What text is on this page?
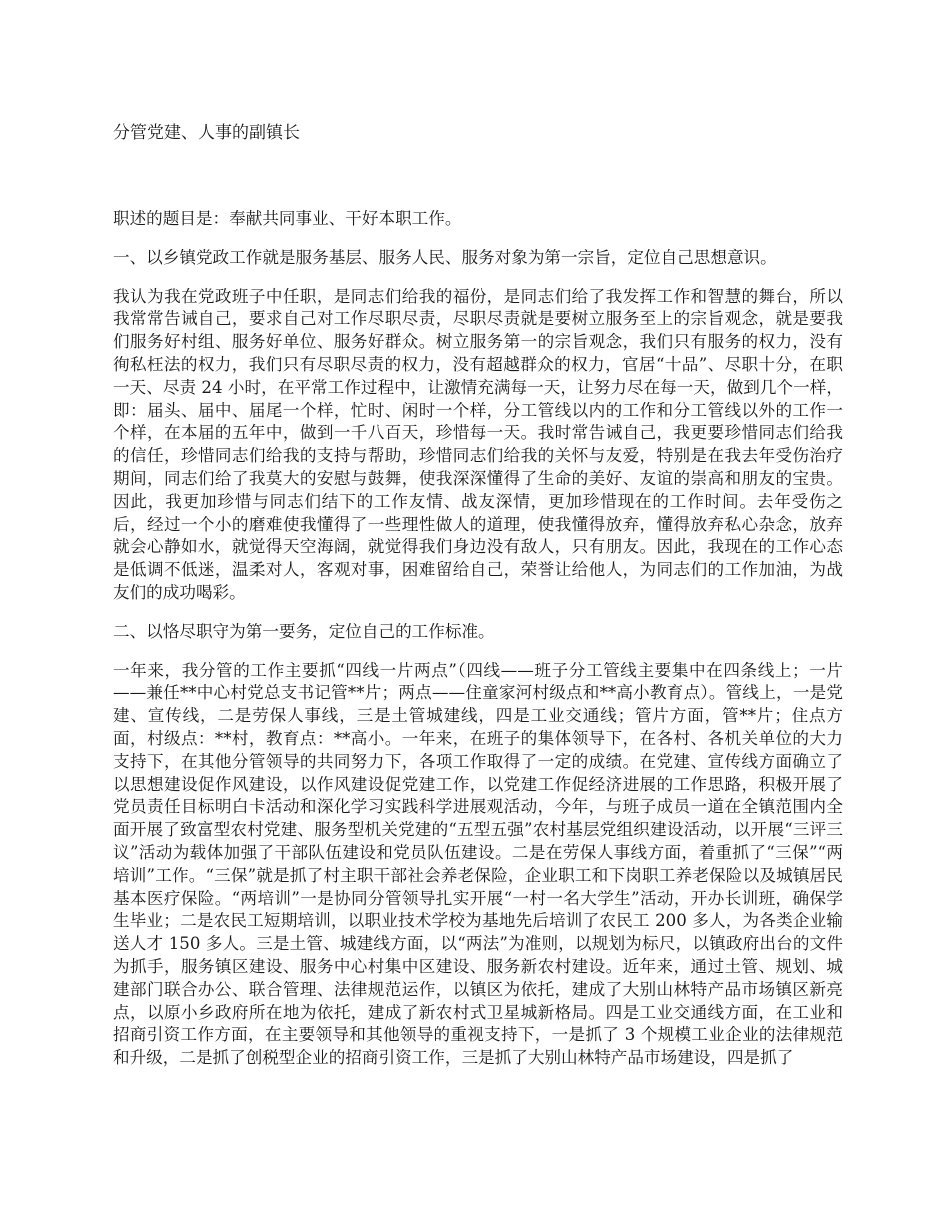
分管党建、人事的副镇长

职述的题目是：奉献共同事业、干好本职工作。

一、以乡镇党政工作就是服务基层、服务人民、服务对象为第一宗旨，定位自己思想意识。

我认为我在党政班子中任职，是同志们给我的福份，是同志们给了我发挥工作和智慧的舞台，所以我常常告诫自己，要求自己对工作尽职尽责，尽职尽责就是要树立服务至上的宗旨观念，就是要我们服务好村组、服务好单位、服务好群众。树立服务第一的宗旨观念，我们只有服务的权力，没有徇私枉法的权力，我们只有尽职尽责的权力，没有超越群众的权力，官居“十品”、尽职十分，在职一天、尽责 24 小时，在平常工作过程中，让激情充满每一天，让努力尽在每一天，做到几个一样，即：届头、届中、届尾一个样，忙时、闲时一个样，分工管线以内的工作和分工管线以外的工作一个样，在本届的五年中，做到一千八百天，珍惜每一天。我时常告诫自己，我更要珍惜同志们给我的信任，珍惜同志们给我的支持与帮助，珍惜同志们给我的关怀与友爱，特别是在我去年受伤治疗期间，同志们给了我莫大的安慰与鼓舞，使我深深懂得了生命的美好、友谊的崇高和朋友的宝贵。因此，我更加珍惜与同志们结下的工作友情、战友深情，更加珍惜现在的工作时间。去年受伤之后，经过一个小的磨难使我懂得了一些理性做人的道理，使我懂得放弃，懂得放弃私心杂念，放弃就会心静如水，就觉得天空海阔，就觉得我们身边没有敌人，只有朋友。因此，我现在的工作心态是低调不低迷，温柔对人，客观对事，困难留给自己，荣誉让给他人，为同志们的工作加油，为战友们的成功喝彩。

二、以恪尽职守为第一要务，定位自己的工作标准。

一年来，我分管的工作主要抓“四线一片两点”（四线——班子分工管线主要集中在四条线上；一片——兼任**中心村党总支书记管**片；两点——住童家河村级点和**高小教育点）。管线上，一是党建、宣传线，二是劳保人事线，三是土管城建线，四是工业交通线；管片方面，管**片；住点方面，村级点：**村，教育点：**高小。一年来，在班子的集体领导下，在各村、各机关单位的大力支持下，在其他分管领导的共同努力下，各项工作取得了一定的成绩。在党建、宣传线方面确立了以思想建设促作风建设，以作风建设促党建工作，以党建工作促经济进展的工作思路，积极开展了党员责任目标明白卡活动和深化学习实践科学进展观活动，今年，与班子成员一道在全镇范围内全面开展了致富型农村党建、服务型机关党建的“五型五强”农村基层党组织建设活动，以开展“三评三议”活动为载体加强了干部队伍建设和党员队伍建设。二是在劳保人事线方面，着重抓了“三保”“两培训”工作。“三保”就是抓了村主职干部社会养老保险，企业职工和下岗职工养老保险以及城镇居民基本医疗保险。“两培训”一是协同分管领导扎实开展“一村一名大学生”活动，开办长训班，确保学生毕业；二是农民工短期培训，以职业技术学校为基地先后培训了农民工 200 多人，为各类企业输送人才 150 多人。三是土管、城建线方面，以“两法”为准则，以规划为标尺，以镇政府出台的文件为抓手，服务镇区建设、服务中心村集中区建设、服务新农村建设。近年来，通过土管、规划、城建部门联合办公、联合管理、法律规范运作，以镇区为依托，建成了大别山林特产品市场镇区新亮点，以原小乡政府所在地为依托，建成了新农村式卫星城新格局。四是工业交通线方面，在工业和招商引资工作方面，在主要领导和其他领导的重视支持下，一是抓了 3 个规模工业企业的法律规范和升级，二是抓了创税型企业的招商引资工作，三是抓了大别山林特产品市场建设，四是抓了
